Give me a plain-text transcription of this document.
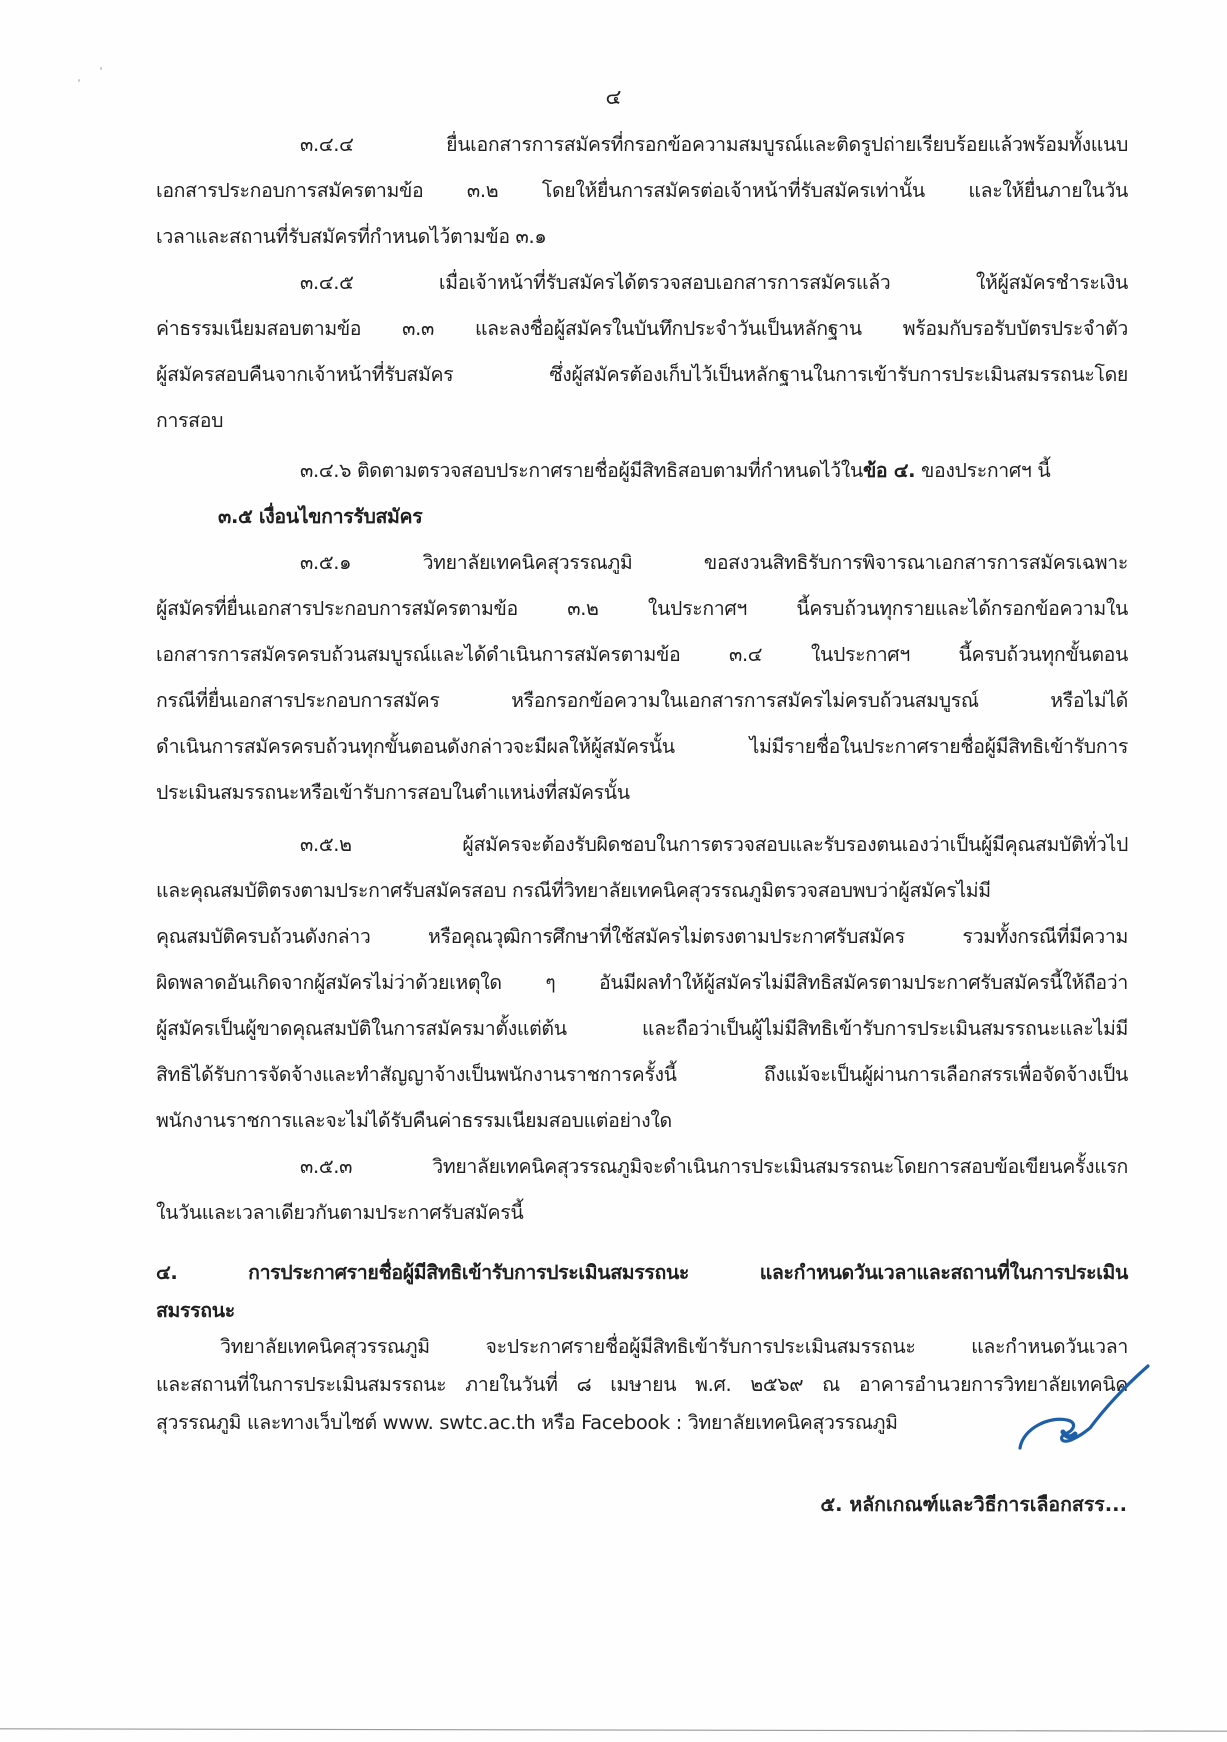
๔
๓.๔.๔ ยื่นเอกสารการสมัครที่กรอกข้อความสมบูรณ์และติดรูปถ่ายเรียบร้อยแล้วพร้อมทั้งแนบ
เอกสารประกอบการสมัครตามข้อ ๓.๒ โดยให้ยื่นการสมัครต่อเจ้าหน้าที่รับสมัครเท่านั้น และให้ยื่นภายในวัน
เวลาและสถานที่รับสมัครที่กำหนดไว้ตามข้อ ๓.๑
๓.๔.๕ เมื่อเจ้าหน้าที่รับสมัครได้ตรวจสอบเอกสารการสมัครแล้ว ให้ผู้สมัครชำระเงิน
ค่าธรรมเนียมสอบตามข้อ ๓.๓ และลงชื่อผู้สมัครในบันทึกประจำวันเป็นหลักฐาน พร้อมกับรอรับบัตรประจำตัว
ผู้สมัครสอบคืนจากเจ้าหน้าที่รับสมัคร ซึ่งผู้สมัครต้องเก็บไว้เป็นหลักฐานในการเข้ารับการประเมินสมรรถนะโดย
การสอบ
๓.๔.๖ ติดตามตรวจสอบประกาศรายชื่อผู้มีสิทธิสอบตามที่กำหนดไว้ในข้อ ๔. ของประกาศฯ นี้
๓.๕ เงื่อนไขการรับสมัคร
๓.๕.๑ วิทยาลัยเทคนิคสุวรรณภูมิ ขอสงวนสิทธิรับการพิจารณาเอกสารการสมัครเฉพาะ
ผู้สมัครที่ยื่นเอกสารประกอบการสมัครตามข้อ ๓.๒ ในประกาศฯ นี้ครบถ้วนทุกรายและได้กรอกข้อความใน
เอกสารการสมัครครบถ้วนสมบูรณ์และได้ดำเนินการสมัครตามข้อ ๓.๔ ในประกาศฯ นี้ครบถ้วนทุกขั้นตอน
กรณีที่ยื่นเอกสารประกอบการสมัคร หรือกรอกข้อความในเอกสารการสมัครไม่ครบถ้วนสมบูรณ์ หรือไม่ได้
ดำเนินการสมัครครบถ้วนทุกขั้นตอนดังกล่าวจะมีผลให้ผู้สมัครนั้น ไม่มีรายชื่อในประกาศรายชื่อผู้มีสิทธิเข้ารับการ
ประเมินสมรรถนะหรือเข้ารับการสอบในตำแหน่งที่สมัครนั้น
๓.๕.๒ ผู้สมัครจะต้องรับผิดชอบในการตรวจสอบและรับรองตนเองว่าเป็นผู้มีคุณสมบัติทั่วไป
และคุณสมบัติตรงตามประกาศรับสมัครสอบ กรณีที่วิทยาลัยเทคนิคสุวรรณภูมิตรวจสอบพบว่าผู้สมัครไม่มี
คุณสมบัติครบถ้วนดังกล่าว หรือคุณวุฒิการศึกษาที่ใช้สมัครไม่ตรงตามประกาศรับสมัคร รวมทั้งกรณีที่มีความ
ผิดพลาดอันเกิดจากผู้สมัครไม่ว่าด้วยเหตุใด ๆ อันมีผลทำให้ผู้สมัครไม่มีสิทธิสมัครตามประกาศรับสมัครนี้ให้ถือว่า
ผู้สมัครเป็นผู้ขาดคุณสมบัติในการสมัครมาตั้งแต่ต้น และถือว่าเป็นผู้ไม่มีสิทธิเข้ารับการประเมินสมรรถนะและไม่มี
สิทธิได้รับการจัดจ้างและทำสัญญาจ้างเป็นพนักงานราชการครั้งนี้ ถึงแม้จะเป็นผู้ผ่านการเลือกสรรเพื่อจัดจ้างเป็น
พนักงานราชการและจะไม่ได้รับคืนค่าธรรมเนียมสอบแต่อย่างใด
๓.๕.๓ วิทยาลัยเทคนิคสุวรรณภูมิจะดำเนินการประเมินสมรรถนะโดยการสอบข้อเขียนครั้งแรก
ในวันและเวลาเดียวกันตามประกาศรับสมัครนี้
๔. การประกาศรายชื่อผู้มีสิทธิเข้ารับการประเมินสมรรถนะ และกำหนดวันเวลาและสถานที่ในการประเมิน
สมรรถนะ
วิทยาลัยเทคนิคสุวรรณภูมิ จะประกาศรายชื่อผู้มีสิทธิเข้ารับการประเมินสมรรถนะ และกำหนดวันเวลา
และสถานที่ในการประเมินสมรรถนะ ภายในวันที่ ๘ เมษายน พ.ศ. ๒๕๖๙ ณ อาคารอำนวยการวิทยาลัยเทคนิค
สุวรรณภูมิ และทางเว็บไซต์ www. swtc.ac.th หรือ Facebook : วิทยาลัยเทคนิคสุวรรณภูมิ
๕. หลักเกณฑ์และวิธีการเลือกสรร...
